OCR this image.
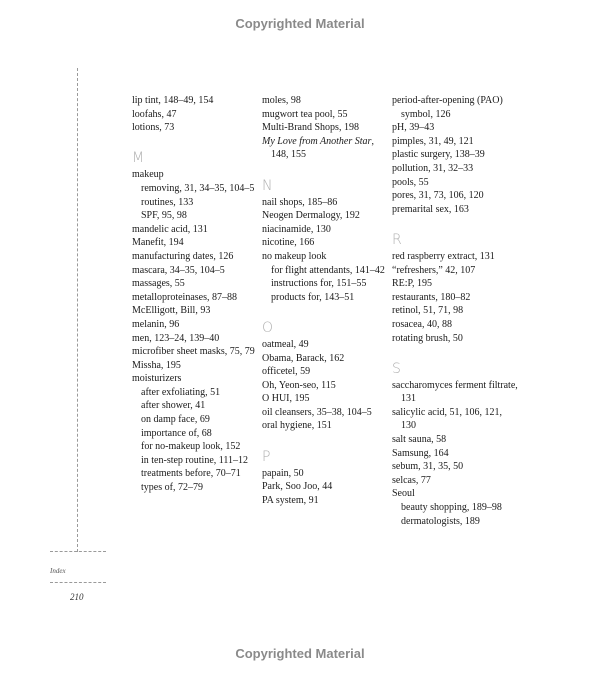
Copyrighted Material
Index
210
lip tint, 148–49, 154
loofahs, 47
lotions, 73
M
makeup
removing, 31, 34–35, 104–5
routines, 133
SPF, 95, 98
mandelic acid, 131
Manefit, 194
manufacturing dates, 126
mascara, 34–35, 104–5
massages, 55
metalloproteinases, 87–88
McElligott, Bill, 93
melanin, 96
men, 123–24, 139–40
microfiber sheet masks, 75, 79
Missha, 195
moisturizers
after exfoliating, 51
after shower, 41
on damp face, 69
importance of, 68
for no-makeup look, 152
in ten-step routine, 111–12
treatments before, 70–71
types of, 72–79
moles, 98
mugwort tea pool, 55
Multi-Brand Shops, 198
My Love from Another Star, 148, 155
N
nail shops, 185–86
Neogen Dermalogy, 192
niacinamide, 130
nicotine, 166
no makeup look
for flight attendants, 141–42
instructions for, 151–55
products for, 143–51
O
oatmeal, 49
Obama, Barack, 162
officetel, 59
Oh, Yeon-seo, 115
O HUI, 195
oil cleansers, 35–38, 104–5
oral hygiene, 151
P
papain, 50
Park, Soo Joo, 44
PA system, 91
period-after-opening (PAO) symbol, 126
pH, 39–43
pimples, 31, 49, 121
plastic surgery, 138–39
pollution, 31, 32–33
pools, 55
pores, 31, 73, 106, 120
premarital sex, 163
R
red raspberry extract, 131
“refreshers,” 42, 107
RE:P, 195
restaurants, 180–82
retinol, 51, 71, 98
rosacea, 40, 88
rotating brush, 50
S
saccharomyces ferment filtrate, 131
salicylic acid, 51, 106, 121, 130
salt sauna, 58
Samsung, 164
sebum, 31, 35, 50
selcas, 77
Seoul
beauty shopping, 189–98
dermatologists, 189
Copyrighted Material
